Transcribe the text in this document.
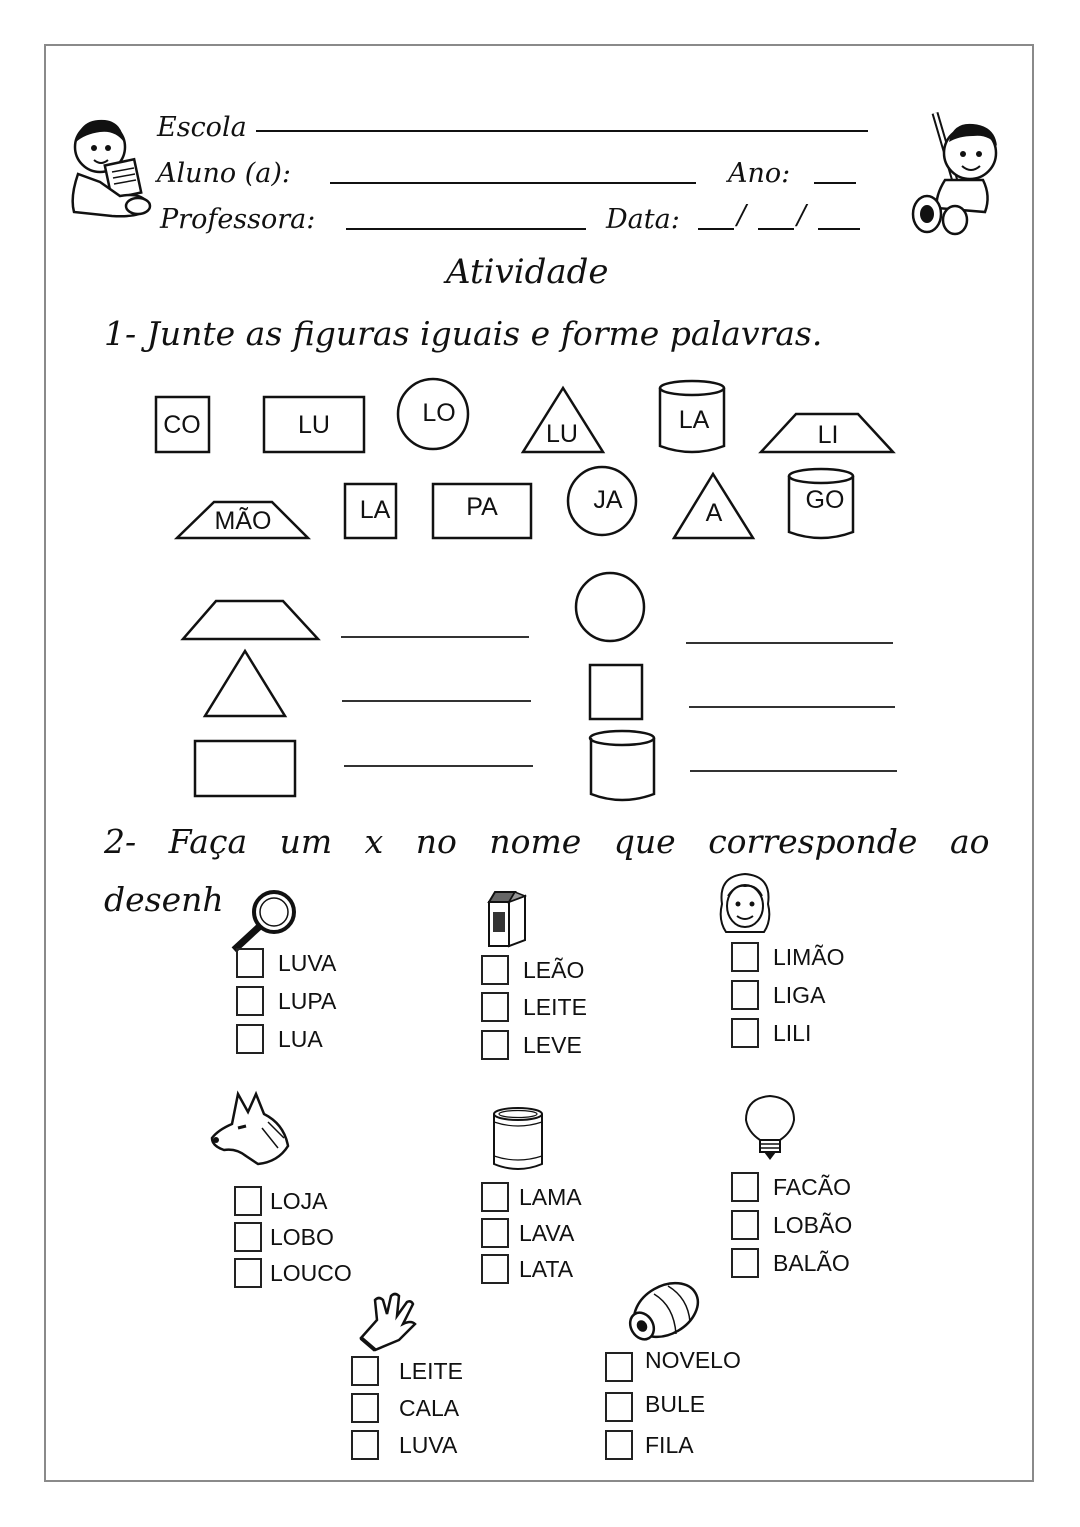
Escola
Aluno (a):	Ano:
Professora:	Data: / /
Atividade
1- Junte as figuras iguais e forme palavras.
CO	LU	LO
LU	LA
LI
MÃO	LA	PA	JA	A	GO
2- Faça um x no nome que corresponde ao
desenh
LUVA
LUPA
LUA
LEÃO
LEITE
LEVE
LIMÃO
LIGA
LILI
LOJA
LOBO
LOUCO
LAMA
LAVA
LATA
FACÃO
LOBÃO
BALÃO
LEITE
CALA
LUVA
NOVELO
BULE
FILA
